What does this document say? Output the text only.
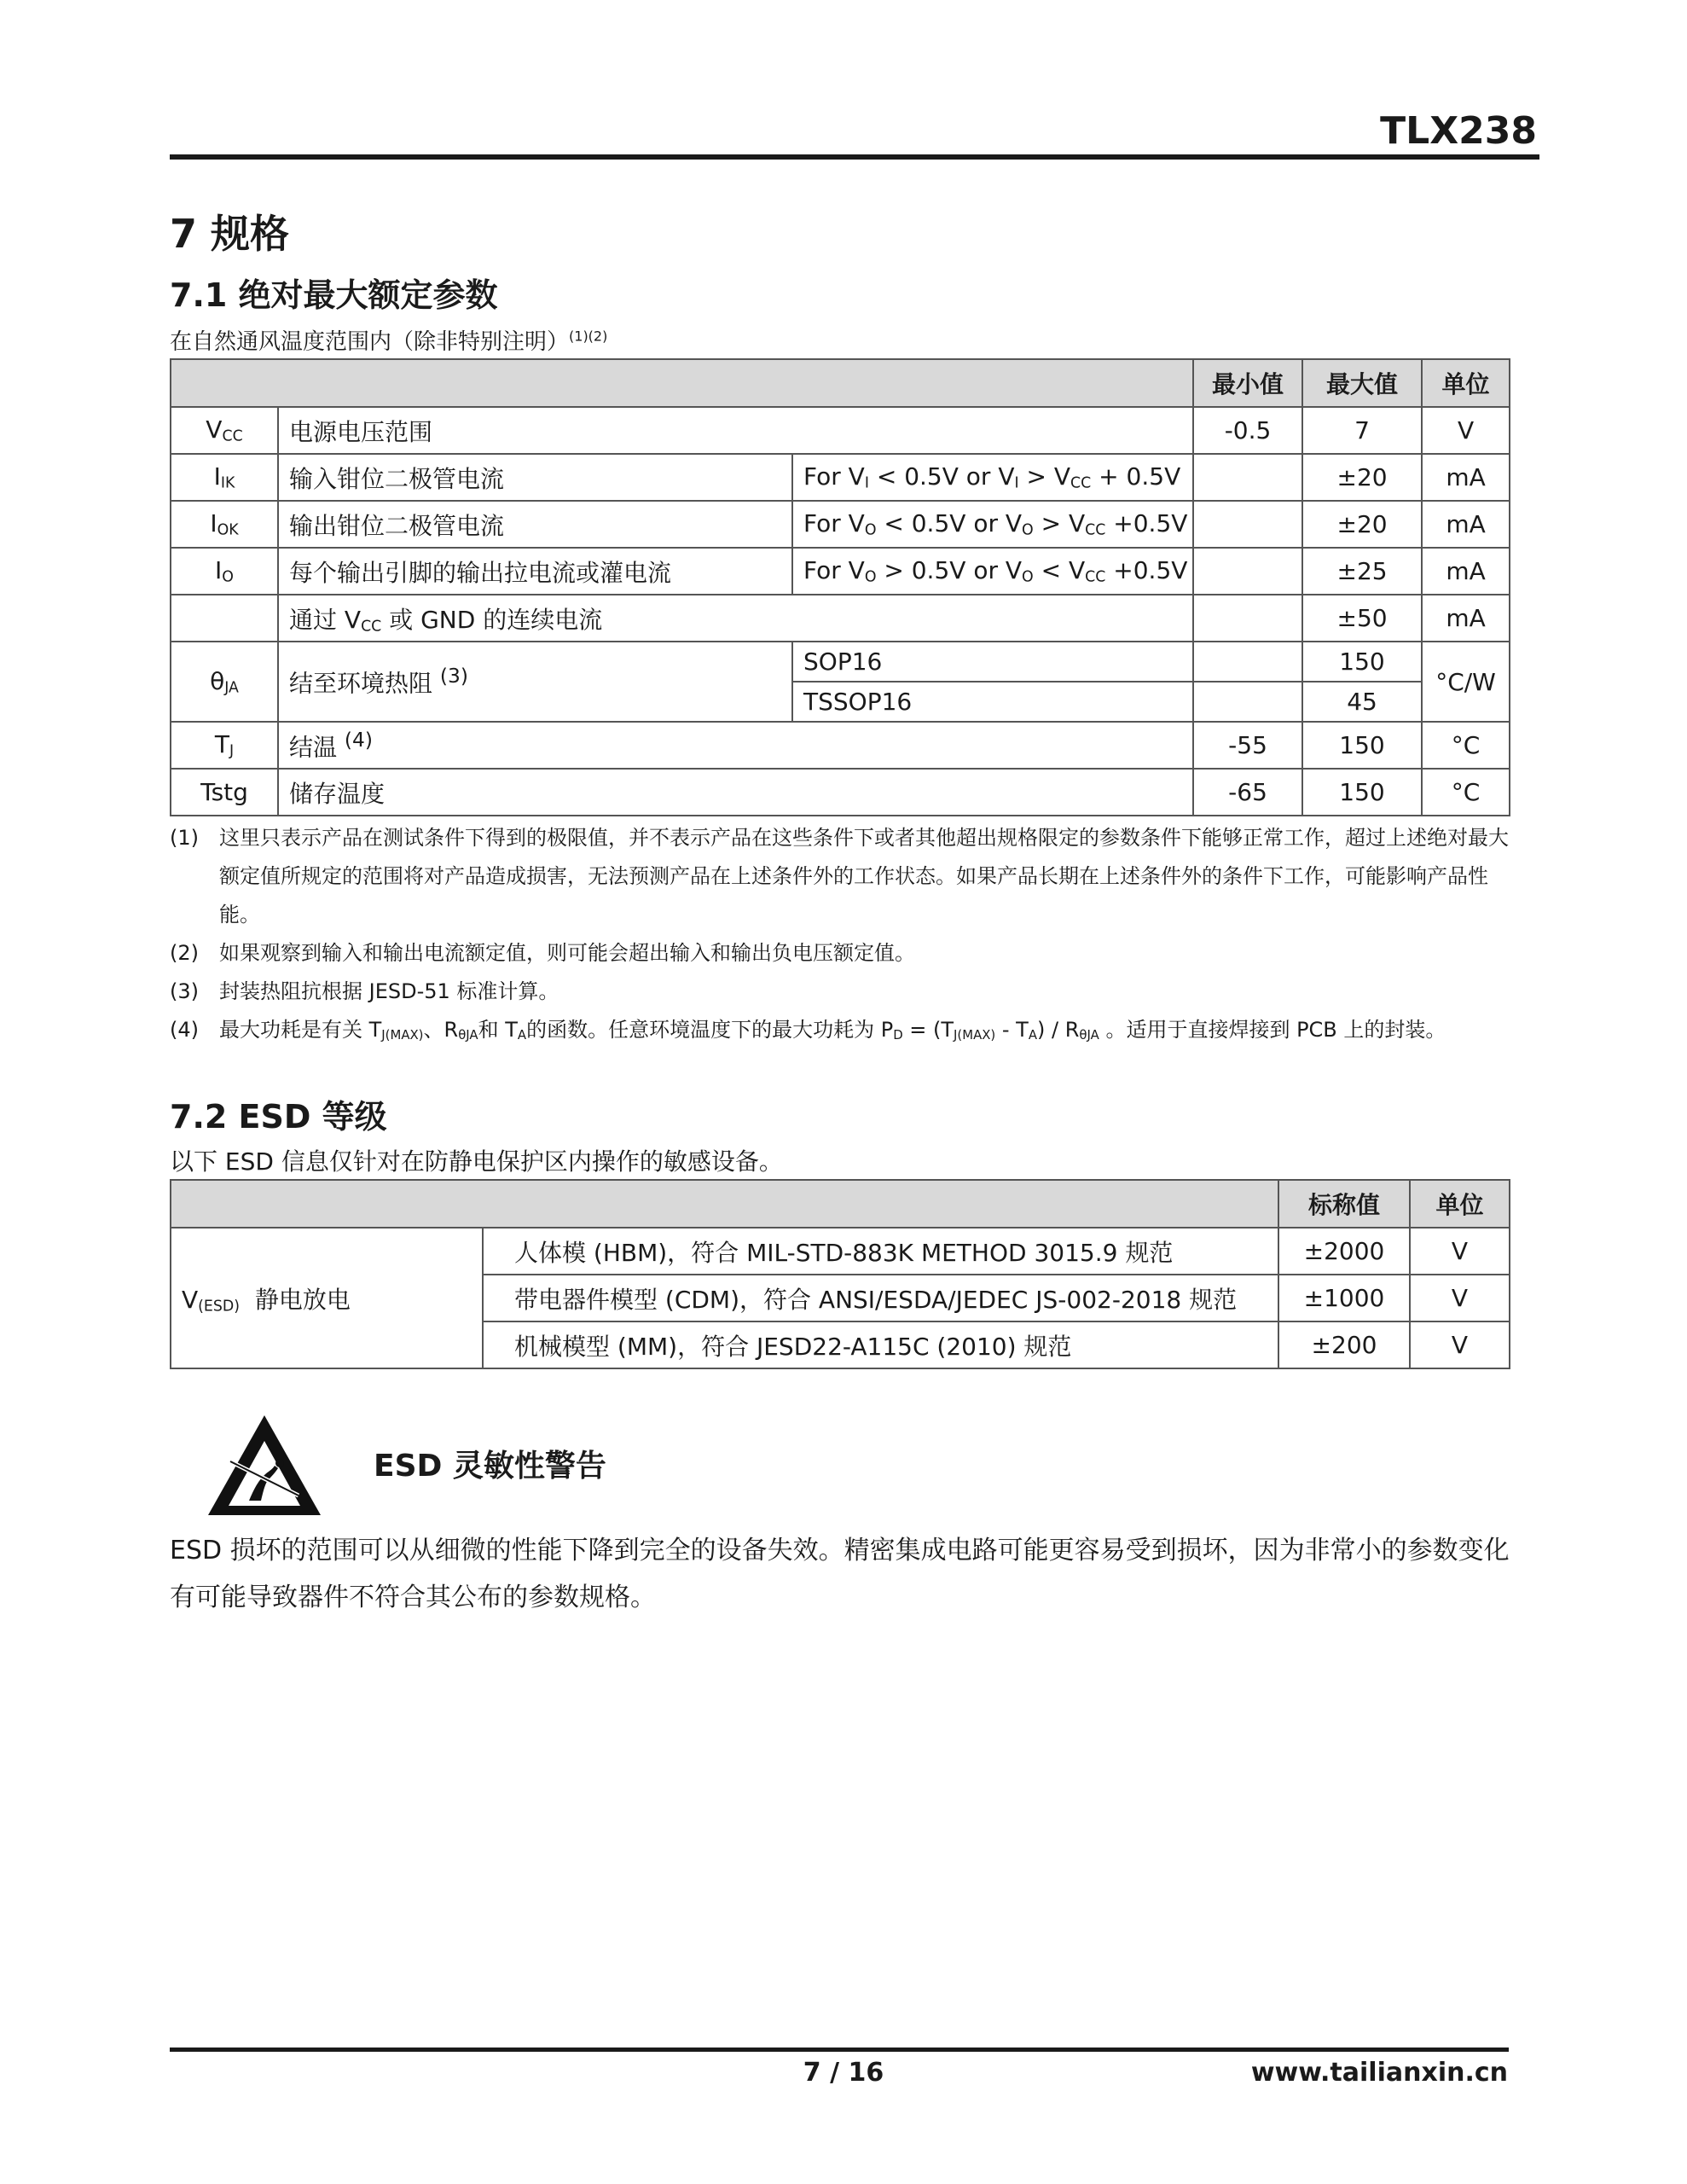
TLX238
7 规格
7.1 绝对最大额定参数
在自然通风温度范围内（除非特别注明）$^{(1)(2)}$
			最小值	最大值	单位
$V_{CC}$	电源电压范围		-0.5	7	V
$I_{IK}$	输入钳位二极管电流	For $V_I < 0.5V$ or $V_I > V_{CC} + 0.5V$		±20	mA
$I_{OK}$	输出钳位二极管电流	For $V_O < 0.5V$ or $V_O > V_{CC} +0.5V$		±20	mA
$I_O$	每个输出引脚的输出拉电流或灌电流	For $V_O > 0.5V$ or $V_O < V_{CC} +0.5V$		±25	mA
	通过 $V_{CC}$ 或 GND 的连续电流			±50	mA
$\theta_{JA}$	结至环境热阻 $^{(3)}$	SOP16		150	°C/W
		TSSOP16		45	
$T_J$	结温 $^{(4)}$		-55	150	°C
Tstg	储存温度		-65	150	°C
(1)	这里只表示产品在测试条件下得到的极限值，并不表示产品在这些条件下或者其他超出规格限定的参数条件下能够正常工作，超过上述绝对最大额定值所规定的范围将对产品造成损害，无法预测产品在上述条件外的工作状态。如果产品长期在上述条件外的条件下工作，可能影响产品性能。
(2)	如果观察到输入和输出电流额定值，则可能会超出输入和输出负电压额定值。
(3)	封装热阻抗根据 JESD-51 标准计算。
(4)	最大功耗是有关 $T_{J(MAX)}$、$R_{\theta JA}$和 $T_A$的函数。任意环境温度下的最大功耗为 $P_D = (T_{J(MAX)} - T_A) / R_{\theta JA}$ 。适用于直接焊接到 PCB 上的封装。
7.2 ESD 等级
以下 ESD 信息仅针对在防静电保护区内操作的敏感设备。
		标称值	单位
$V_{(ESD)}$ 静电放电	人体模 (HBM)，符合 MIL-STD-883K METHOD 3015.9 规范	±2000	V
	带电器件模型 (CDM)，符合 ANSI/ESDA/JEDEC JS-002-2018 规范	±1000	V
	机械模型 (MM)，符合 JESD22-A115C (2010) 规范	±200	V
ESD 灵敏性警告
ESD 损坏的范围可以从细微的性能下降到完全的设备失效。精密集成电路可能更容易受到损坏，因为非常小的参数变化有可能导致器件不符合其公布的参数规格。
7 / 16	www.tailianxin.cn
